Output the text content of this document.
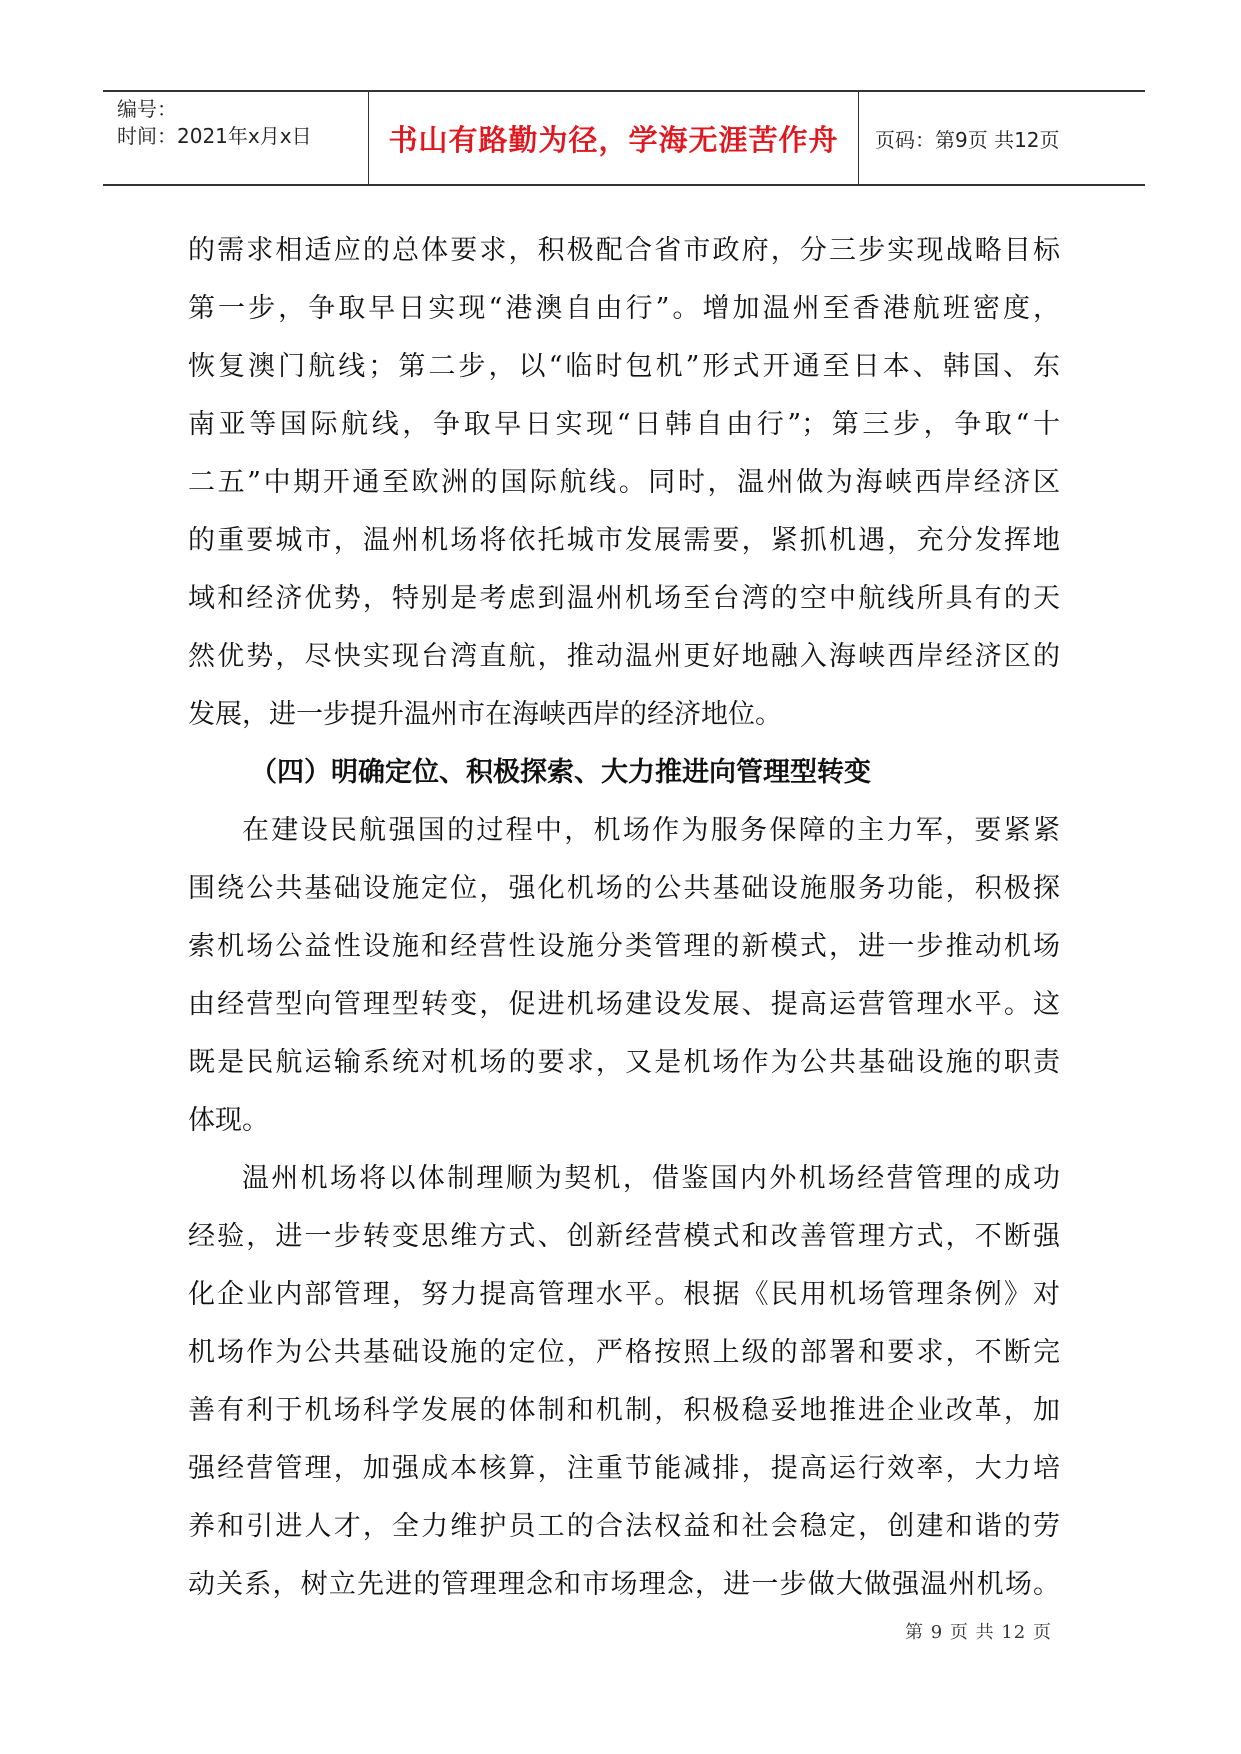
编号：
时间：2021年x月x日	书山有路勤为径，学海无涯苦作舟	页码：第9页 共12页
的需求相适应的总体要求，积极配合省市政府，分三步实现战略目标
第一步，争取早日实现“港澳自由行”。增加温州至香港航班密度，
恢复澳门航线；第二步，以“临时包机”形式开通至日本、韩国、东
南亚等国际航线，争取早日实现“日韩自由行”；第三步，争取“十
二五”中期开通至欧洲的国际航线。同时，温州做为海峡西岸经济区
的重要城市，温州机场将依托城市发展需要，紧抓机遇，充分发挥地
域和经济优势，特别是考虑到温州机场至台湾的空中航线所具有的天
然优势，尽快实现台湾直航，推动温州更好地融入海峡西岸经济区的
发展，进一步提升温州市在海峡西岸的经济地位。
（四）明确定位、积极探索、大力推进向管理型转变
在建设民航强国的过程中，机场作为服务保障的主力军，要紧紧
围绕公共基础设施定位，强化机场的公共基础设施服务功能，积极探
索机场公益性设施和经营性设施分类管理的新模式，进一步推动机场
由经营型向管理型转变，促进机场建设发展、提高运营管理水平。这
既是民航运输系统对机场的要求，又是机场作为公共基础设施的职责
体现。
温州机场将以体制理顺为契机，借鉴国内外机场经营管理的成功
经验，进一步转变思维方式、创新经营模式和改善管理方式，不断强
化企业内部管理，努力提高管理水平。根据《民用机场管理条例》对
机场作为公共基础设施的定位，严格按照上级的部署和要求，不断完
善有利于机场科学发展的体制和机制，积极稳妥地推进企业改革，加
强经营管理，加强成本核算，注重节能减排，提高运行效率，大力培
养和引进人才，全力维护员工的合法权益和社会稳定，创建和谐的劳
动关系，树立先进的管理理念和市场理念，进一步做大做强温州机场。
第 9 页 共 12 页
